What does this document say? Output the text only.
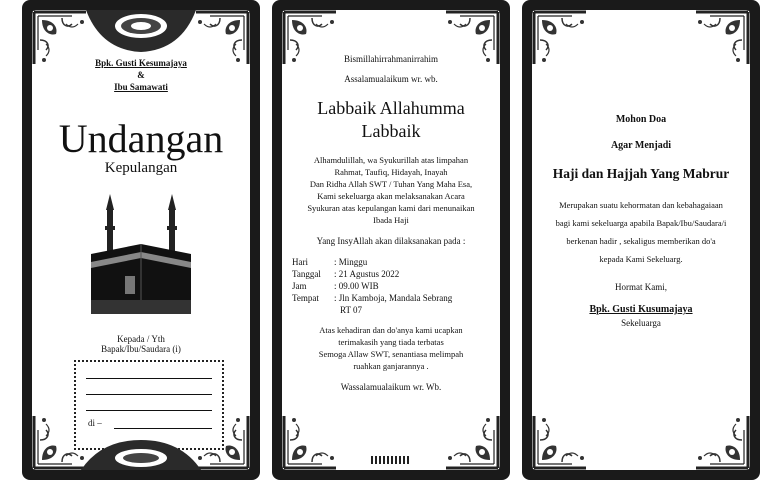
Bpk. Gusti Kesumajaya
&
Ibu Samawati
Undangan
Kepulangan
Kepada / Yth
Bapak/Ibu/Saudara (i)
di –
Bismillahirrahmanirrahim
Assalamualaikum wr. wb.
Labbaik Allahumma
Labbaik
Alhamdulillah, wa Syukurillah atas limpahan
Rahmat, Taufiq, Hidayah, Inayah
Dan Ridha Allah SWT / Tuhan Yang Maha Esa,
Kami sekeluarga akan melaksanakan Acara
Syukuran atas kepulangan kami dari menunaikan
Ibada Haji
Yang InsyAllah akan dilaksanakan pada :
Hari	: Minggu
Tanggal	: 21 Agustus 2022
Jam	: 09.00 WIB
Tempat	: Jln Kamboja, Mandala Sebrang
RT 07
Atas kehadiran dan do'anya kami ucapkan
terimakasih yang tiada terbatas
Semoga Allaw SWT, senantiasa melimpah
ruahkan ganjarannya .
Wassalamualaikum wr. Wb.
Mohon Doa
Agar Menjadi
Haji dan Hajjah Yang Mabrur
Merupakan suatu kehormatan dan kebahagaiaan
bagi kami sekeluarga apabila Bapak/Ibu/Saudara/i
berkenan hadir , sekaligus memberikan do'a
kepada Kami Sekeluarg.
Hormat Kami,
Bpk. Gusti Kusumajaya
Sekeluarga
